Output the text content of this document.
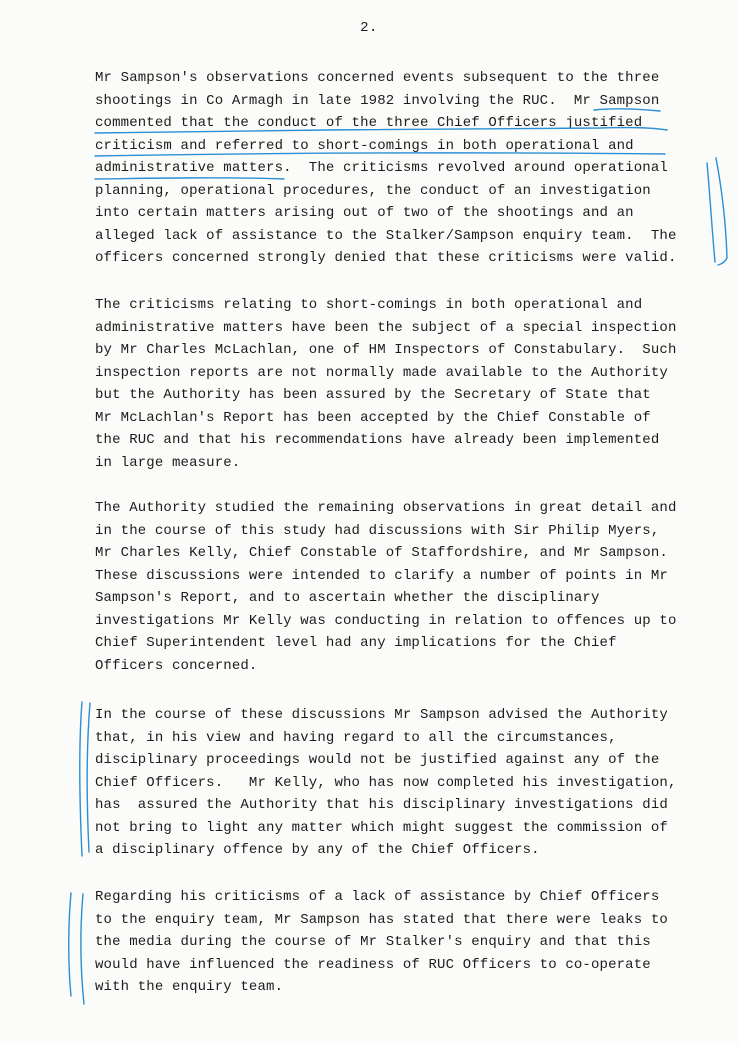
2.
Mr Sampson's observations concerned events subsequent to the three
shootings in Co Armagh in late 1982 involving the RUC.  Mr Sampson
commented that the conduct of the three Chief Officers justified
criticism and referred to short-comings in both operational and
administrative matters.  The criticisms revolved around operational
planning, operational procedures, the conduct of an investigation
into certain matters arising out of two of the shootings and an
alleged lack of assistance to the Stalker/Sampson enquiry team.  The
officers concerned strongly denied that these criticisms were valid.
The criticisms relating to short-comings in both operational and
administrative matters have been the subject of a special inspection
by Mr Charles McLachlan, one of HM Inspectors of Constabulary.  Such
inspection reports are not normally made available to the Authority
but the Authority has been assured by the Secretary of State that
Mr McLachlan's Report has been accepted by the Chief Constable of
the RUC and that his recommendations have already been implemented
in large measure.
The Authority studied the remaining observations in great detail and
in the course of this study had discussions with Sir Philip Myers,
Mr Charles Kelly, Chief Constable of Staffordshire, and Mr Sampson.
These discussions were intended to clarify a number of points in Mr
Sampson's Report, and to ascertain whether the disciplinary
investigations Mr Kelly was conducting in relation to offences up to
Chief Superintendent level had any implications for the Chief
Officers concerned.
In the course of these discussions Mr Sampson advised the Authority
that, in his view and having regard to all the circumstances,
disciplinary proceedings would not be justified against any of the
Chief Officers.   Mr Kelly, who has now completed his investigation,
has  assured the Authority that his disciplinary investigations did
not bring to light any matter which might suggest the commission of
a disciplinary offence by any of the Chief Officers.
Regarding his criticisms of a lack of assistance by Chief Officers
to the enquiry team, Mr Sampson has stated that there were leaks to
the media during the course of Mr Stalker's enquiry and that this
would have influenced the readiness of RUC Officers to co-operate
with the enquiry team.
